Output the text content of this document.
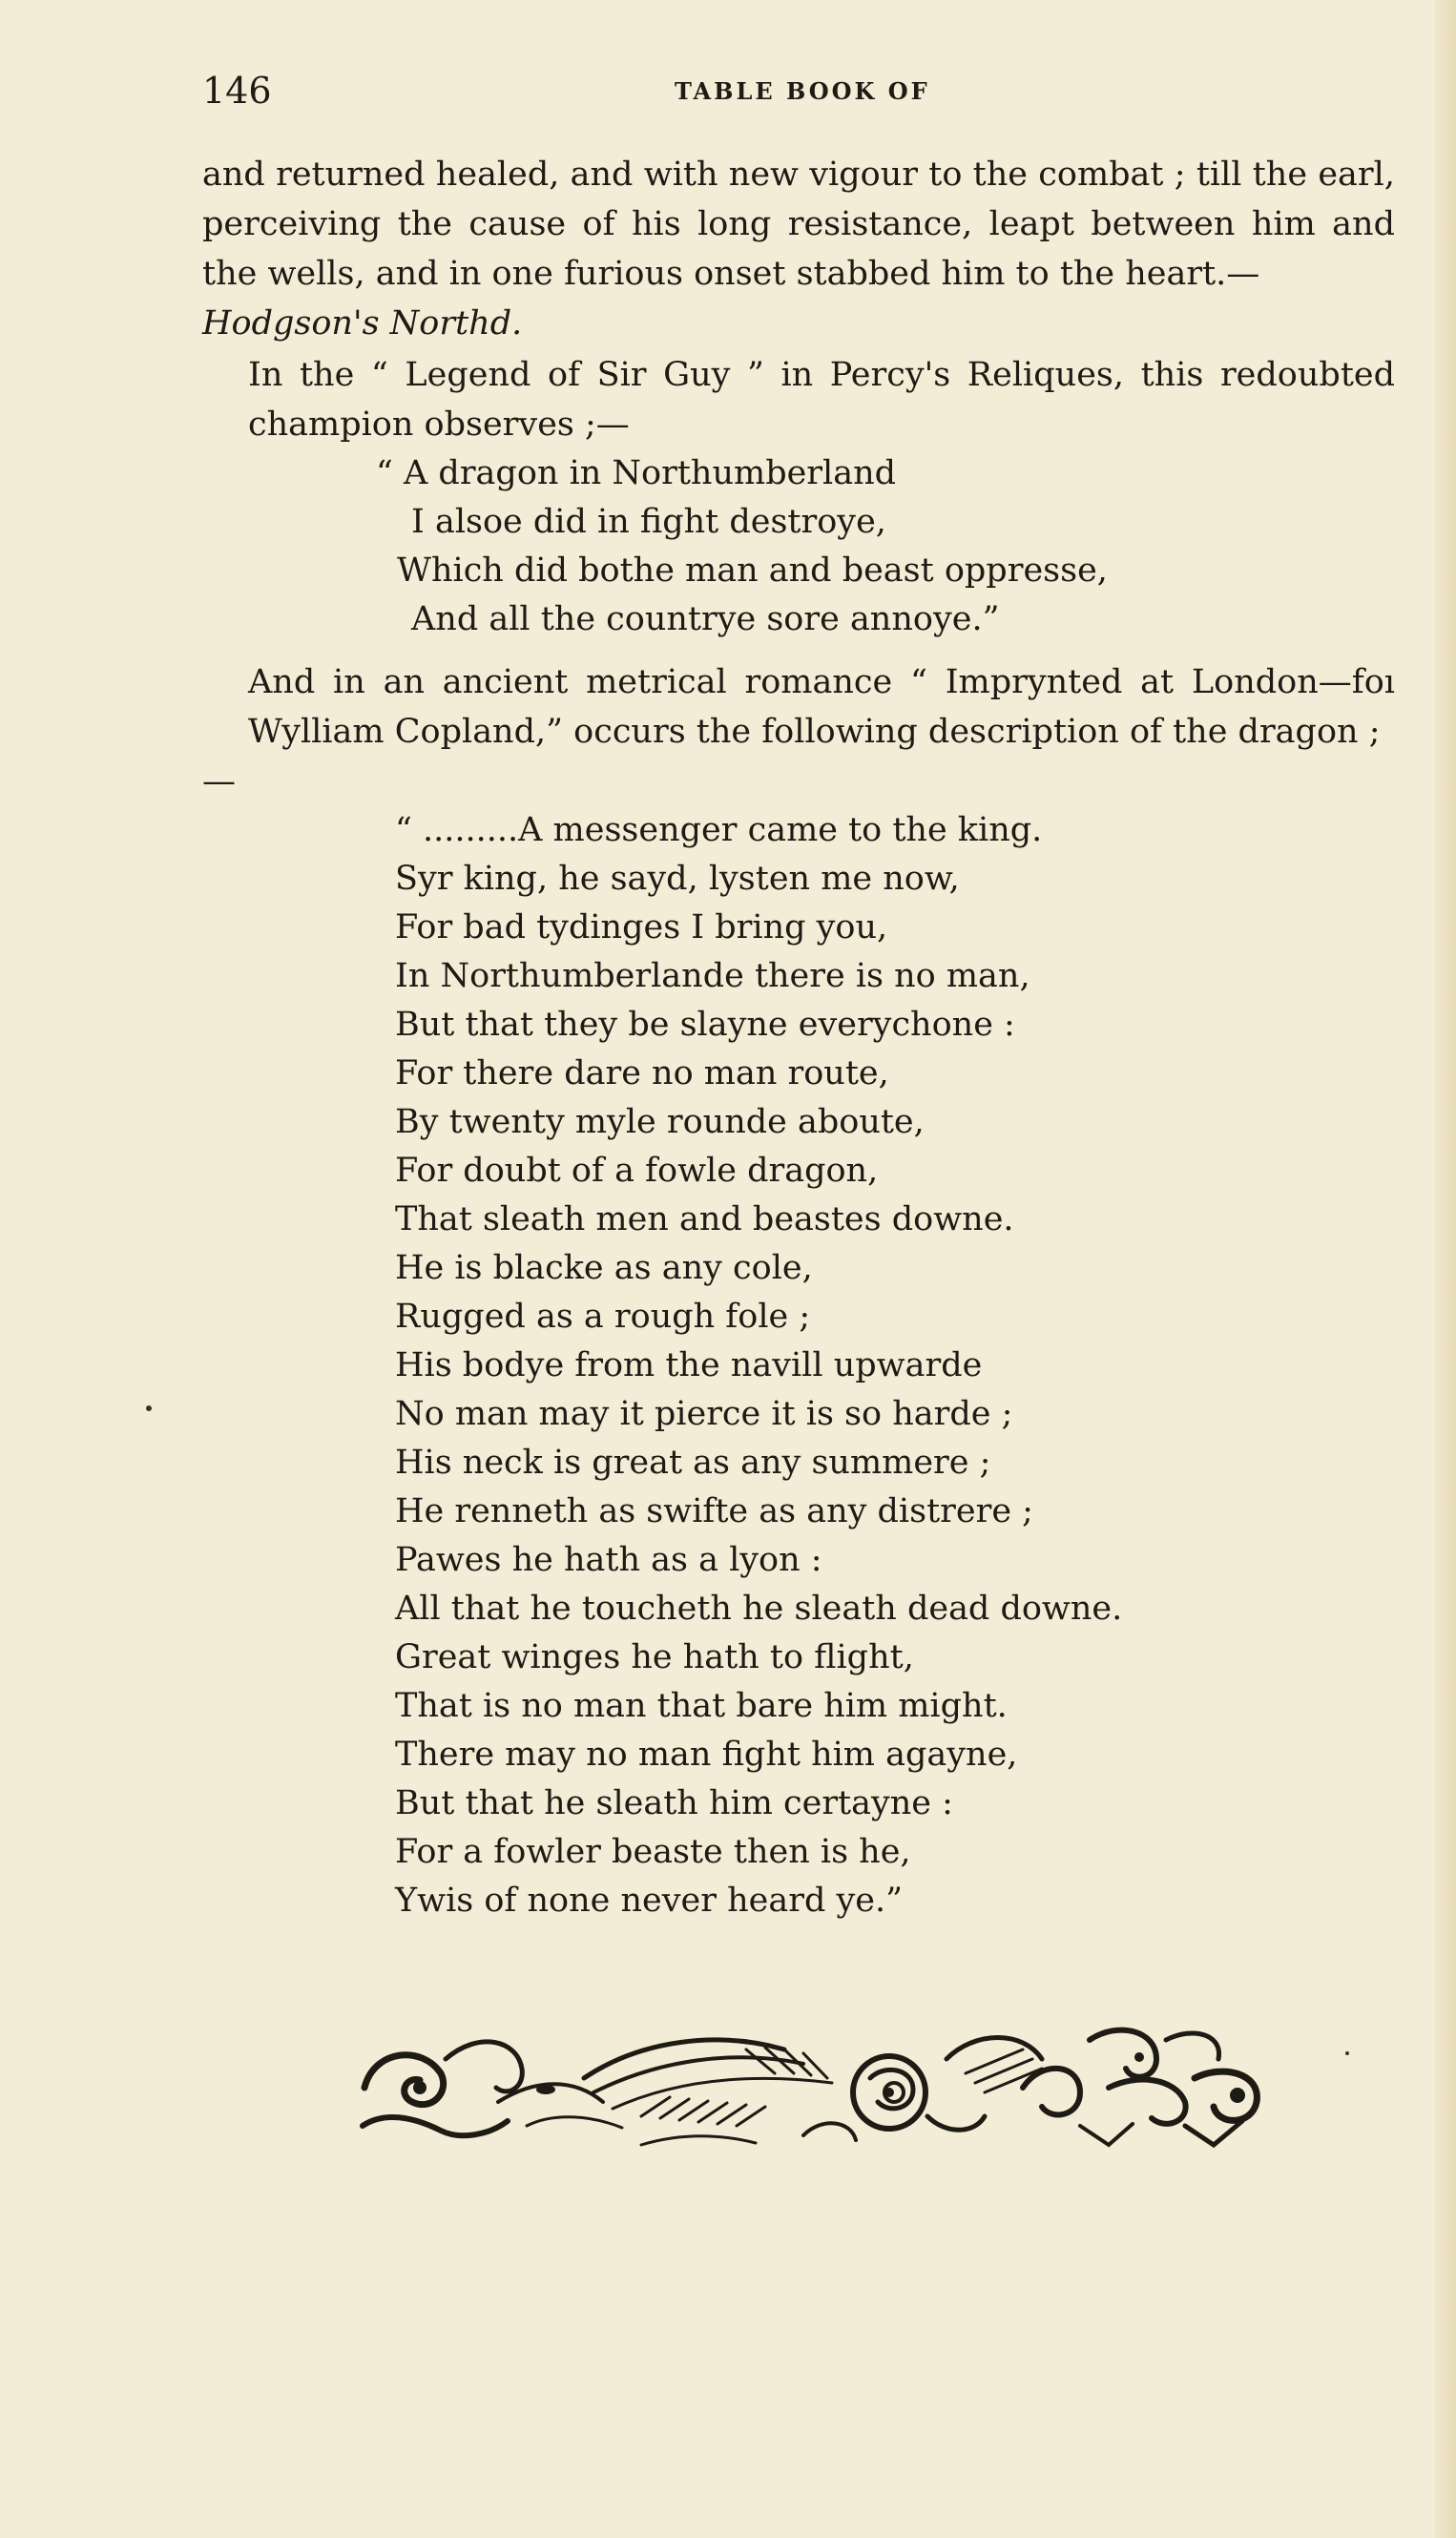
146	TABLE BOOK OF

and returned healed, and with new vigour to the combat ; till the earl, perceiving the cause of his long resistance, leapt between him and
the wells, and in one furious onset stabbed him to the heart.—

Hodgson's Northd.

In the “ Legend of Sir Guy ” in Percy's Reliques, this redoubted
champion observes ;—

“ A dragon in Northumberland
I alsoe did in fight destroye,
Which did bothe man and beast oppresse,
And all the countrye sore annoye.”

And in an ancient metrical romance “ Imprynted at London—foı
Wylliam Copland,” occurs the following description of the dragon ;—

“ .........A messenger came to the king.
Syr king, he sayd, lysten me now,
For bad tydinges I bring you,
In Northumberlande there is no man,
But that they be slayne everychone :
For there dare no man route,
By twenty myle rounde aboute,
For doubt of a fowle dragon,
That sleath men and beastes downe.
He is blacke as any cole,
Rugged as a rough fole ;
His bodye from the navill upwarde
No man may it pierce it is so harde ;
His neck is great as any summere ;
He renneth as swifte as any distrere ;
Pawes he hath as a lyon :
All that he toucheth he sleath dead downe.
Great winges he hath to flight,
That is no man that bare him might.
There may no man fight him agayne,
But that he sleath him certayne :
For a fowler beaste then is he,
Ywis of none never heard ye.”
